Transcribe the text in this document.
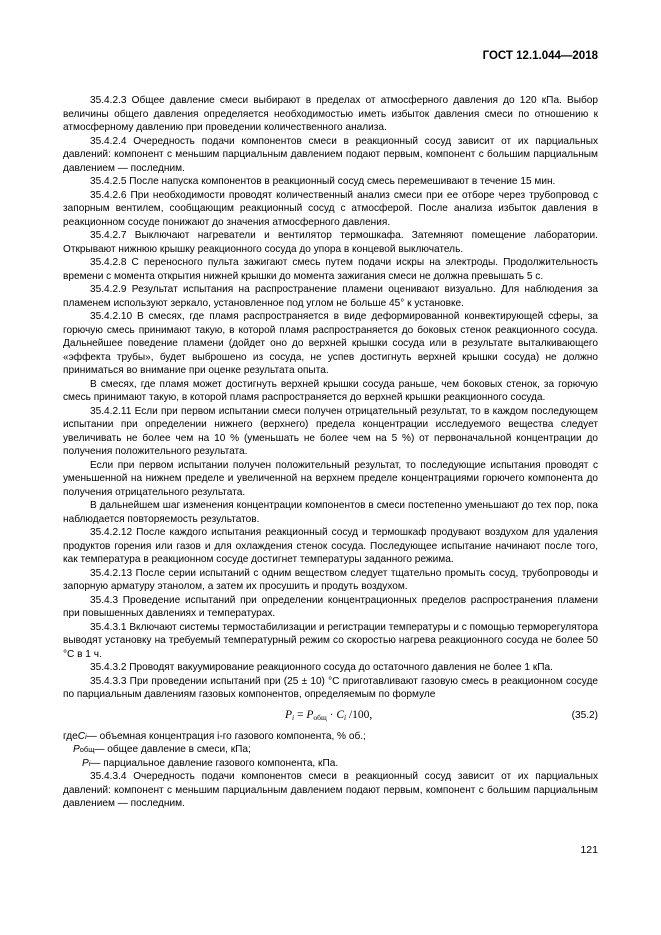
ГОСТ 12.1.044—2018

35.4.2.3 Общее давление смеси выбирают в пределах от атмосферного давления до 120 кПа. Выбор величины общего давления определяется необходимостью иметь избыток давления смеси по отношению к атмосферному давлению при проведении количественного анализа.

35.4.2.4 Очередность подачи компонентов смеси в реакционный сосуд зависит от их парциальных давлений: компонент с меньшим парциальным давлением подают первым, компонент с большим парциальным давлением — последним.

35.4.2.5 После напуска компонентов в реакционный сосуд смесь перемешивают в течение 15 мин.

35.4.2.6 При необходимости проводят количественный анализ смеси при ее отборе через трубопровод с запорным вентилем, сообщающим реакционный сосуд с атмосферой. После анализа избыток давления в реакционном сосуде понижают до значения атмосферного давления.

35.4.2.7 Выключают нагреватели и вентилятор термошкафа. Затемняют помещение лаборатории. Открывают нижнюю крышку реакционного сосуда до упора в концевой выключатель.

35.4.2.8 С переносного пульта зажигают смесь путем подачи искры на электроды. Продолжительность времени с момента открытия нижней крышки до момента зажигания смеси не должна превышать 5 с.

35.4.2.9 Результат испытания на распространение пламени оценивают визуально. Для наблюдения за пламенем используют зеркало, установленное под углом не больше 45° к установке.

35.4.2.10 В смесях, где пламя распространяется в виде деформированной конвектирующей сферы, за горючую смесь принимают такую, в которой пламя распространяется до боковых стенок реакционного сосуда. Дальнейшее поведение пламени (дойдет оно до верхней крышки сосуда или в результате выталкивающего «эффекта трубы», будет выброшено из сосуда, не успев достигнуть верхней крышки сосуда) не должно приниматься во внимание при оценке результата опыта.

В смесях, где пламя может достигнуть верхней крышки сосуда раньше, чем боковых стенок, за горючую смесь принимают такую, в которой пламя распространяется до верхней крышки реакционного сосуда.

35.4.2.11 Если при первом испытании смеси получен отрицательный результат, то в каждом последующем испытании при определении нижнего (верхнего) предела концентрации исследуемого вещества следует увеличивать не более чем на 10 % (уменьшать не более чем на 5 %) от первоначальной концентрации до получения положительного результата.

Если при первом испытании получен положительный результат, то последующие испытания проводят с уменьшенной на нижнем пределе и увеличенной на верхнем пределе концентрациями горючего компонента до получения отрицательного результата.

В дальнейшем шаг изменения концентрации компонентов в смеси постепенно уменьшают до тех пор, пока наблюдается повторяемость результатов.

35.4.2.12 После каждого испытания реакционный сосуд и термошкаф продувают воздухом для удаления продуктов горения или газов и для охлаждения стенок сосуда. Последующее испытание начинают после того, как температура в реакционном сосуде достигнет температуры заданного режима.

35.4.2.13 После серии испытаний с одним веществом следует тщательно промыть сосуд, трубопроводы и запорную арматуру этанолом, а затем их просушить и продуть воздухом.

35.4.3 Проведение испытаний при определении концентрационных пределов распространения пламени при повышенных давлениях и температурах.

35.4.3.1 Включают системы термостабилизации и регистрации температуры и с помощью терморегулятора выводят установку на требуемый температурный режим со скоростью нагрева реакционного сосуда не более 50 °С в 1 ч.

35.4.3.2 Проводят вакуумирование реакционного сосуда до остаточного давления не более 1 кПа.

35.4.3.3 При проведении испытаний при (25 ± 10) °С приготавливают газовую смесь в реакционном сосуде по парциальным давлениям газовых компонентов, определяемым по формуле

$P_i = P_{общ} \cdot C_i$ /100,	(35.2)
где C i — объемная концентрация i-го газового компонента, % об.;
P общ — общее давление в смеси, кПа;
P i — парциальное давление газового компонента, кПа.

35.4.3.4 Очередность подачи компонентов смеси в реакционный сосуд зависит от их парциальных давлений: компонент с меньшим парциальным давлением подают первым, компонент с большим парциальным давлением — последним.

121
